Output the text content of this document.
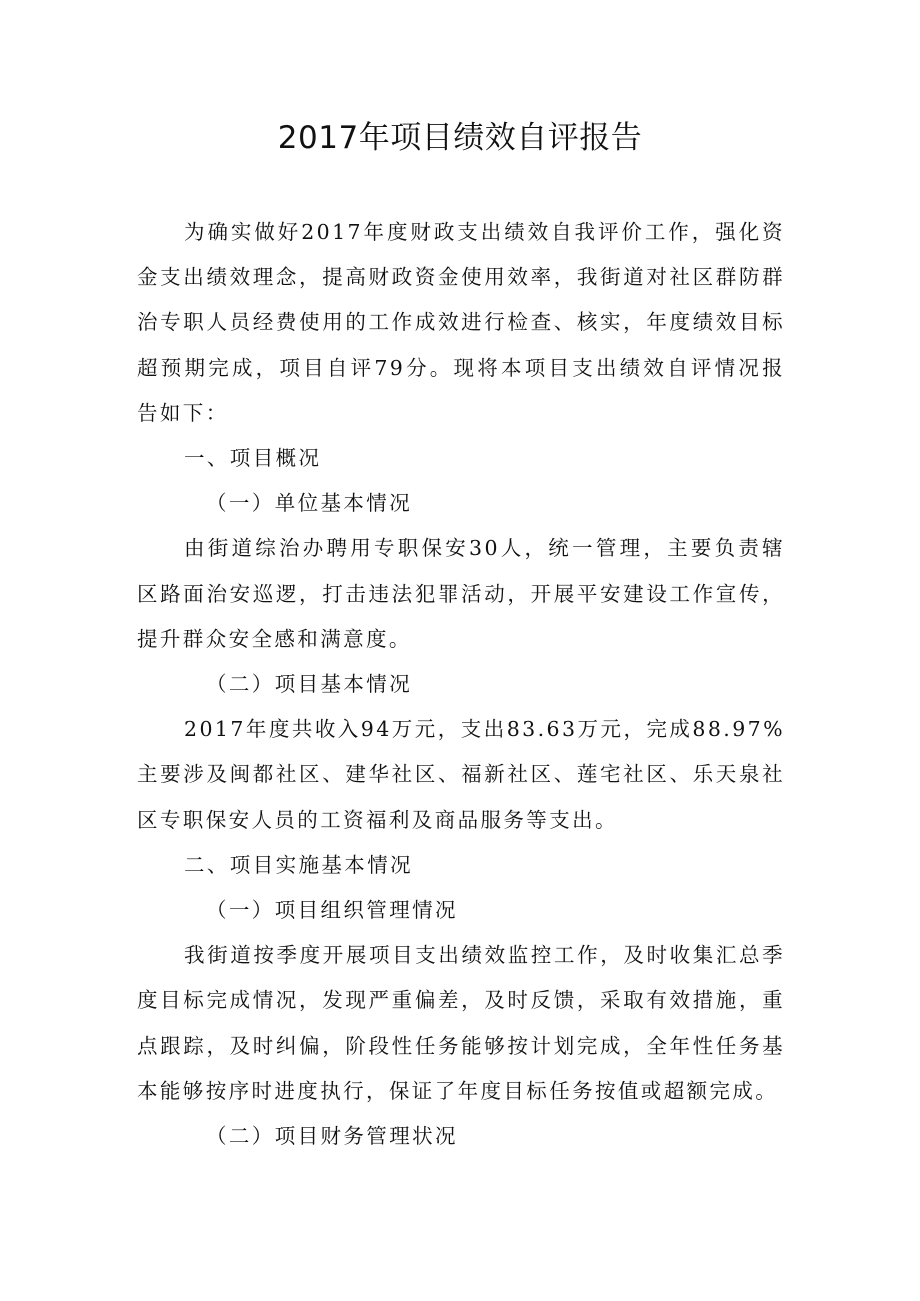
2017年项目绩效自评报告

为确实做好2017年度财政支出绩效自我评价工作，强化资金支出绩效理念，提高财政资金使用效率，我街道对社区群防群治专职人员经费使用的工作成效进行检查、核实，年度绩效目标超预期完成，项目自评79分。现将本项目支出绩效自评情况报告如下：

一、项目概况

（一）单位基本情况

由街道综治办聘用专职保安30人，统一管理，主要负责辖区路面治安巡逻，打击违法犯罪活动，开展平安建设工作宣传，提升群众安全感和满意度。

（二）项目基本情况

2017年度共收入94万元，支出83.63万元，完成88.97%主要涉及闽都社区、建华社区、福新社区、莲宅社区、乐天泉社区专职保安人员的工资福利及商品服务等支出。

二、项目实施基本情况

（一）项目组织管理情况

我街道按季度开展项目支出绩效监控工作，及时收集汇总季度目标完成情况，发现严重偏差，及时反馈，采取有效措施，重点跟踪，及时纠偏，阶段性任务能够按计划完成，全年性任务基本能够按序时进度执行，保证了年度目标任务按值或超额完成。

（二）项目财务管理状况
